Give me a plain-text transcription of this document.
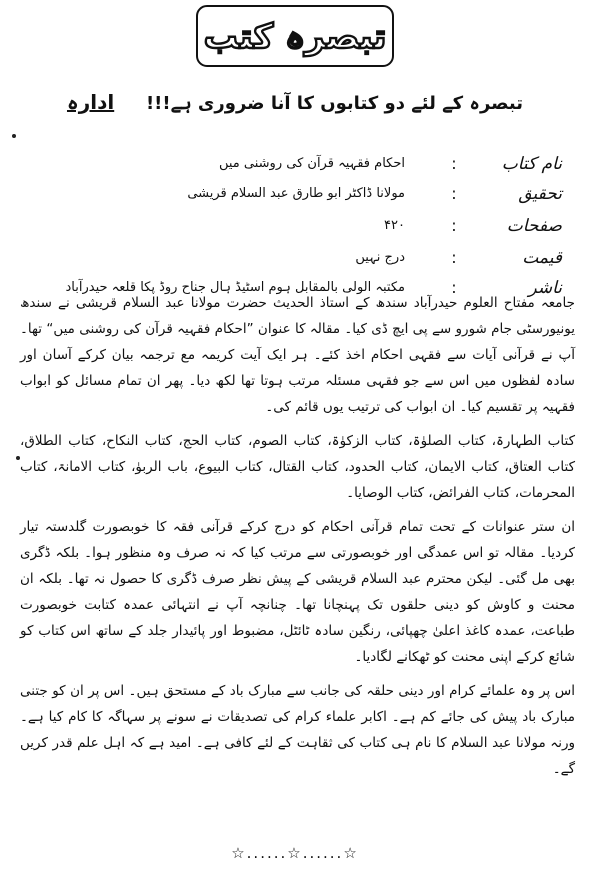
تبصرہ کتب
تبصرہ کے لئے دو کتابوں کا آنا ضروری ہے!!! ادارہ
نام کتاب
:
احکام فقہیہ قرآن کی روشنی میں
تحقیق
:
مولانا ڈاکٹر ابو طارق عبد السلام قریشی
صفحات
:
۴۲۰
قیمت
:
درج نہیں
ناشر
:
مکتبہ الولی بالمقابل ہوم اسٹیڈ ہال جناح روڈ پکا قلعہ حیدرآباد

جامعہ مفتاح العلوم حیدرآباد سندھ کے استاذ الحدیث حضرت مولانا عبد السلام قریشی نے سندھ یونیورسٹی جام شورو سے پی ایچ ڈی کیا۔ مقالہ کا عنوان ”احکام فقہیہ قرآن کی روشنی میں“ تھا۔ آپ نے قرآنی آیات سے فقہی احکام اخذ کئے۔ ہر ایک آیت کریمہ مع ترجمہ بیان کرکے آسان اور سادہ لفظوں میں اس سے جو فقہی مسئلہ مرتب ہوتا تھا لکھ دیا۔ پھر ان تمام مسائل کو ابواب فقہیہ پر تقسیم کیا۔ ان ابواب کی ترتیب یوں قائم کی۔

کتاب الطہارۃ، کتاب الصلوٰۃ، کتاب الزکوٰۃ، کتاب الصوم، کتاب الحج، کتاب النکاح، کتاب الطلاق، کتاب العتاق، کتاب الایمان، کتاب الحدود، کتاب القتال، کتاب البیوع، باب الربوٰ، کتاب الامانۃ، کتاب المحرمات، کتاب الفرائض، کتاب الوصایا۔

ان ستر عنوانات کے تحت تمام قرآنی احکام کو درج کرکے قرآنی فقہ کا خوبصورت گلدستہ تیار کردیا۔ مقالہ تو اس عمدگی اور خوبصورتی سے مرتب کیا کہ نہ صرف وہ منظور ہوا۔ بلکہ ڈگری بھی مل گئی۔ لیکن محترم عبد السلام قریشی کے پیش نظر صرف ڈگری کا حصول نہ تھا۔ بلکہ ان محنت و کاوش کو دینی حلقوں تک پہنچانا تھا۔ چنانچہ آپ نے انتہائی عمدہ کتابت خوبصورت طباعت، عمدہ کاغذ اعلیٰ چھپائی، رنگین سادہ ٹائٹل، مضبوط اور پائیدار جلد کے ساتھ اس کتاب کو شائع کرکے اپنی محنت کو ٹھکانے لگادیا۔

اس پر وہ علمائے کرام اور دینی حلقہ کی جانب سے مبارک باد کے مستحق ہیں۔ اس پر ان کو جتنی مبارک باد پیش کی جائے کم ہے۔ اکابر علماء کرام کی تصدیقات نے سونے پر سہاگہ کا کام کیا ہے۔ ورنہ مولانا عبد السلام کا نام ہی کتاب کی ثقاہت کے لئے کافی ہے۔ امید ہے کہ اہل علم قدر کریں گے۔

☆......☆......☆
